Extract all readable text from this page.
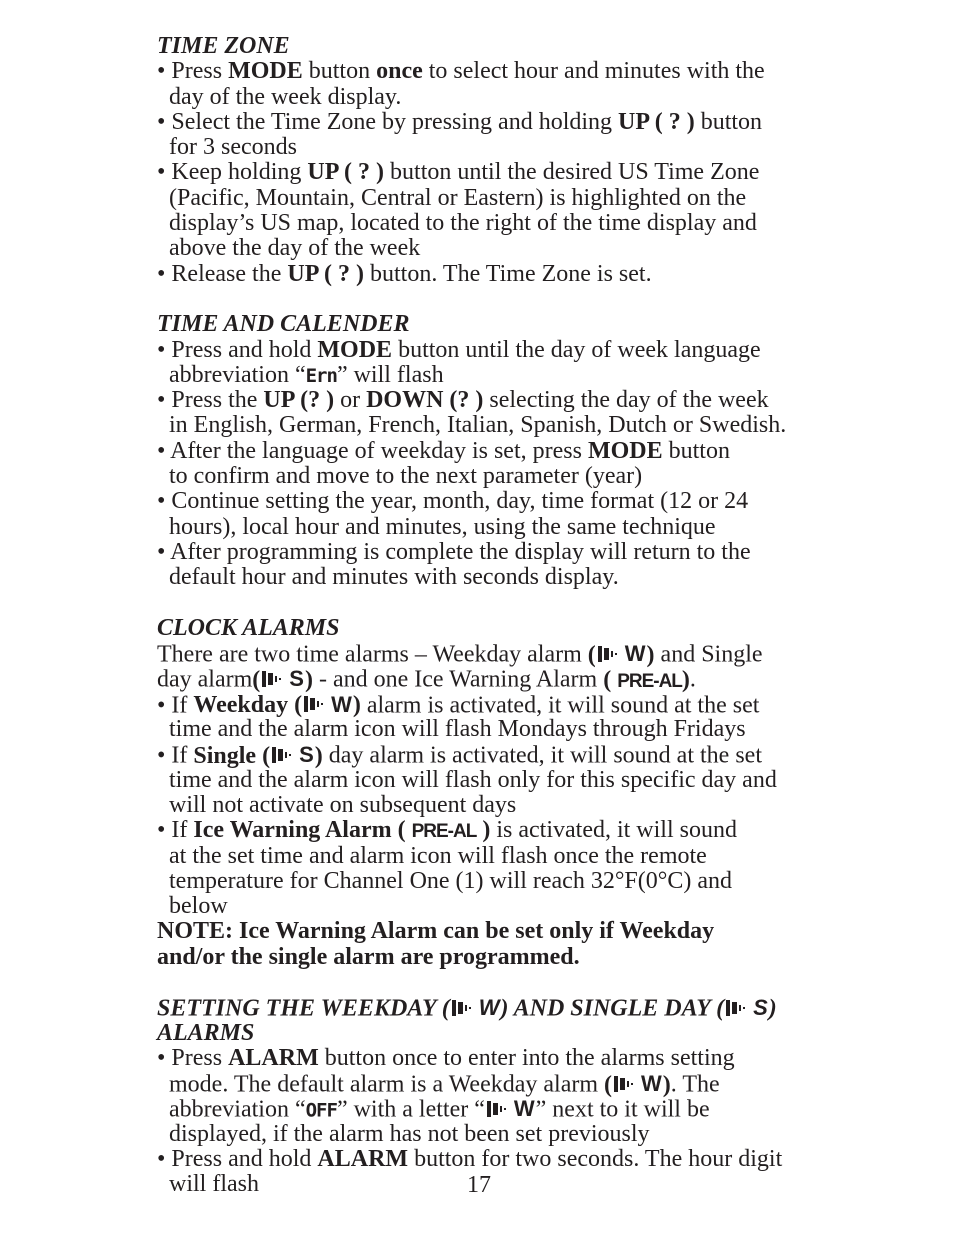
TIME ZONE
• Press MODE button once to select hour and minutes with the
day of the week display.
• Select the Time Zone by pressing and holding UP ( ? ) button
for 3 seconds
• Keep holding UP ( ? ) button until the desired US Time Zone
(Pacific, Mountain, Central or Eastern) is highlighted on the
display’s US map, located to the right of the time display and
above the day of the week
• Release the UP ( ? ) button. The Time Zone is set.
TIME AND CALENDER
• Press and hold MODE button until the day of week language
abbreviation “Ern” will flash
• Press the UP (? ) or DOWN (? ) selecting the day of the week
in English, German, French, Italian, Spanish, Dutch or Swedish.
• After the language of weekday is set, press MODE button
to confirm and move to the next parameter (year)
• Continue setting the year, month, day, time format (12 or 24
hours), local hour and minutes, using the same technique
• After programming is complete the display will return to the
default hour and minutes with seconds display.
CLOCK ALARMS
There are two time alarms – Weekday alarm ( W ) and Single
day alarm( S ) - and one Ice Warning Alarm ( PRE-AL).
• If Weekday ( W ) alarm is activated, it will sound at the set
time and the alarm icon will flash Mondays through Fridays
• If Single ( S ) day alarm is activated, it will sound at the set
time and the alarm icon will flash only for this specific day and
will not activate on subsequent days
• If Ice Warning Alarm ( PRE-AL ) is activated, it will sound
at the set time and alarm icon will flash once the remote
temperature for Channel One (1) will reach 32°F(0°C) and
below
NOTE: Ice Warning Alarm can be set only if Weekday
and/or the single alarm are programmed.
SETTING THE WEEKDAY ( W ) AND SINGLE DAY ( S )
ALARMS
• Press ALARM button once to enter into the alarms setting
mode. The default alarm is a Weekday alarm ( W ). The
abbreviation “OFF” with a letter “ W ” next to it will be
displayed, if the alarm has not been set previously
• Press and hold ALARM button for two seconds. The hour digit
will flash	17
